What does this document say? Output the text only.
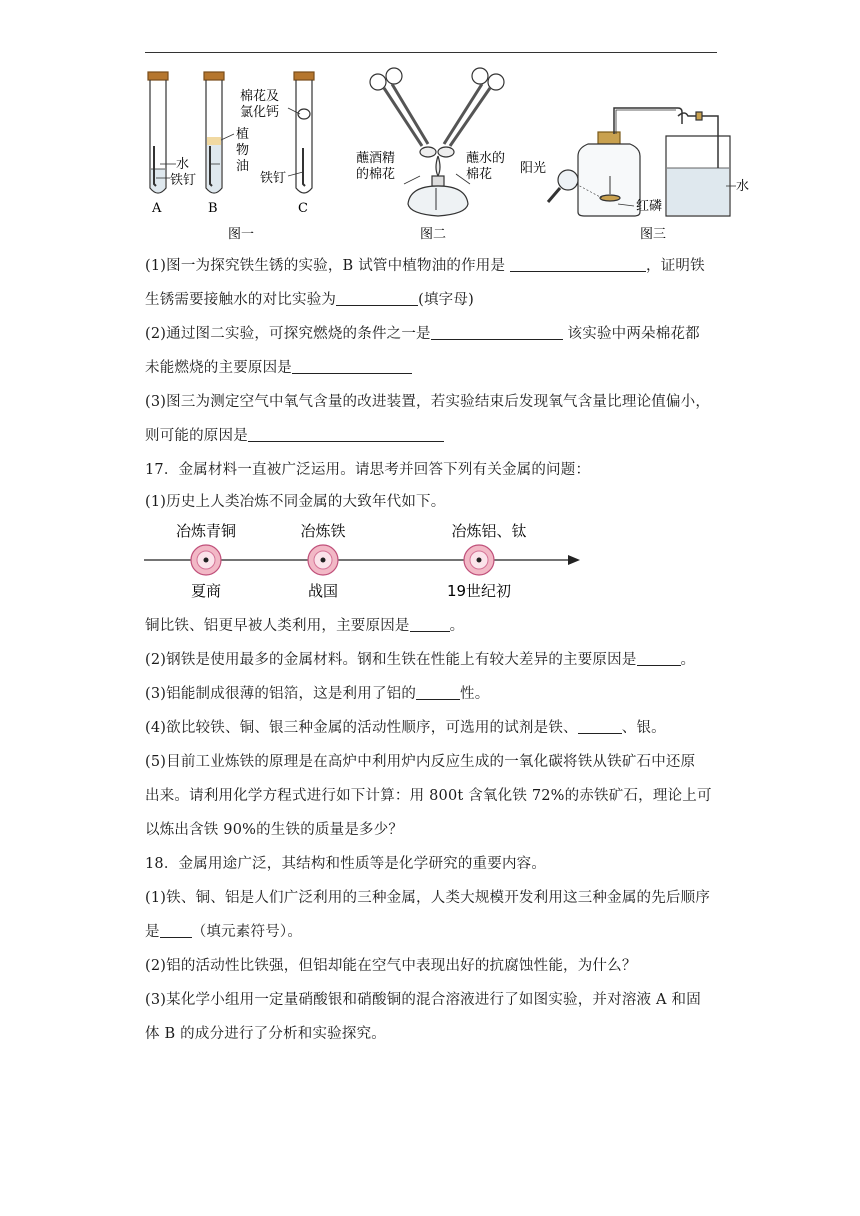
水
铁钉
植
物
油
棉花及
氯化钙
铁钉
A	B	C
图一
蘸酒精
的棉花
蘸水的
棉花
图二
阳光
红磷
水
图三
(1)图一为探究铁生锈的实验，B 试管中植物油的作用是	，证明铁
生锈需要接触水的对比实验为	(填字母)
(2)通过图二实验，可探究燃烧的条件之一是	该实验中两朵棉花都
未能燃烧的主要原因是
(3)图三为测定空气中氧气含量的改进装置，若实验结束后发现氧气含量比理论值偏小，
则可能的原因是
17．金属材料一直被广泛运用。请思考并回答下列有关金属的问题：
(1)历史上人类冶炼不同金属的大致年代如下。
冶炼青铜	冶炼铁	冶炼铝、钛
夏商	战国	19世纪初
铜比铁、铝更早被人类利用，主要原因是	。
(2)钢铁是使用最多的金属材料。钢和生铁在性能上有较大差异的主要原因是	。
(3)铝能制成很薄的铝箔，这是利用了铝的	性。
(4)欲比较铁、铜、银三种金属的活动性顺序，可选用的试剂是铁、	、银。
(5)目前工业炼铁的原理是在高炉中利用炉内反应生成的一氧化碳将铁从铁矿石中还原
出来。请利用化学方程式进行如下计算：用 800t 含氧化铁 72%的赤铁矿石，理论上可
以炼出含铁 90%的生铁的质量是多少？
18．金属用途广泛，其结构和性质等是化学研究的重要内容。
(1)铁、铜、铝是人们广泛利用的三种金属，人类大规模开发利用这三种金属的先后顺序
是 （填元素符号）。
(2)铝的活动性比铁强，但铝却能在空气中表现出好的抗腐蚀性能，为什么？
(3)某化学小组用一定量硝酸银和硝酸铜的混合溶液进行了如图实验，并对溶液 A 和固
体 B 的成分进行了分析和实验探究。
